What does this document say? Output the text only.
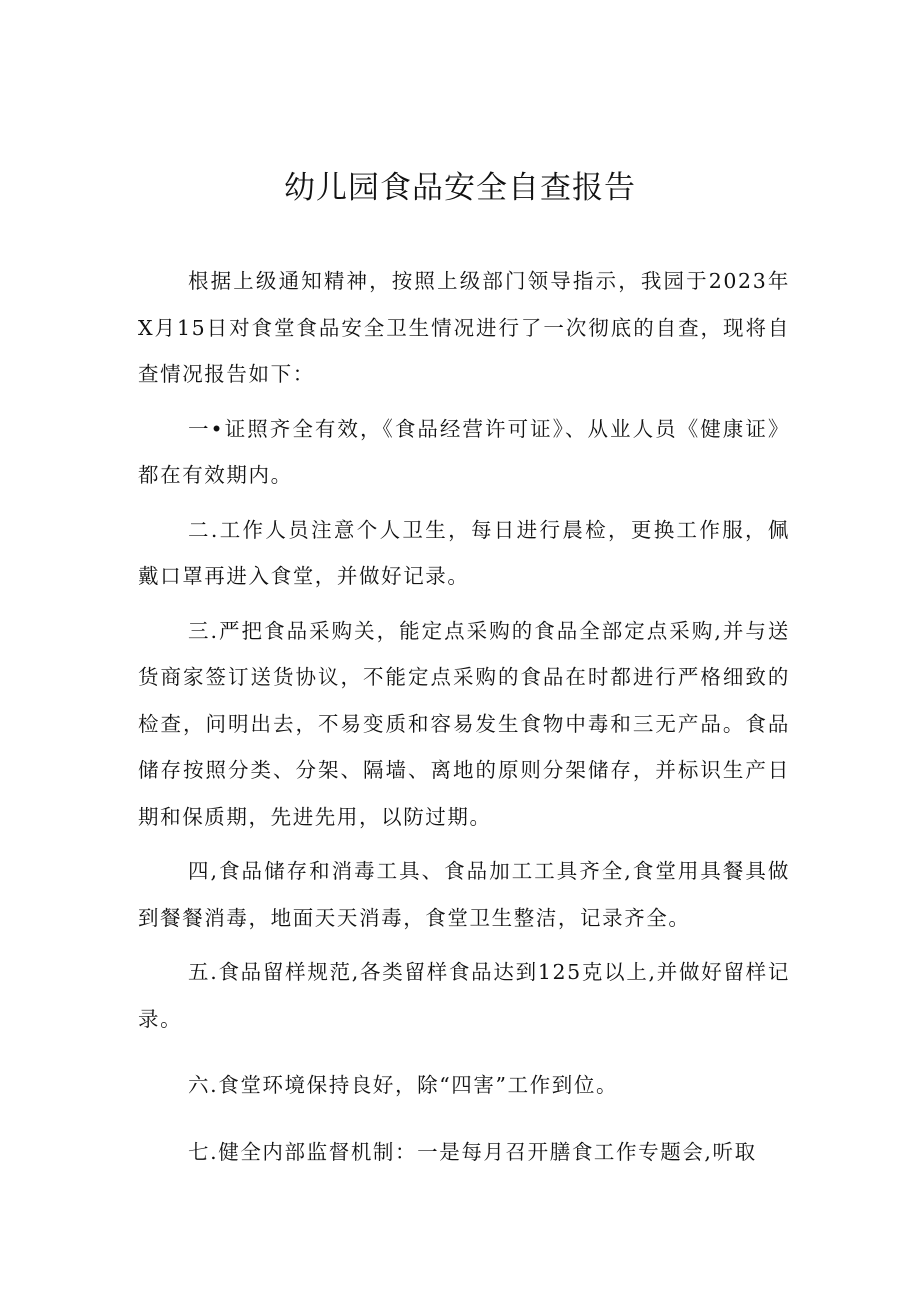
幼儿园食品安全自查报告

根据上级通知精神，按照上级部门领导指示，我园于2023年X月15日对食堂食品安全卫生情况进行了一次彻底的自查，现将自查情况报告如下：

一•证照齐全有效，《食品经营许可证》、从业人员《健康证》都在有效期内。

二.工作人员注意个人卫生，每日进行晨检，更换工作服，佩戴口罩再进入食堂，并做好记录。

三.严把食品采购关，能定点采购的食品全部定点采购,并与送货商家签订送货协议，不能定点采购的食品在时都进行严格细致的检查，问明出去，不易变质和容易发生食物中毒和三无产品。食品储存按照分类、分架、隔墙、离地的原则分架储存，并标识生产日期和保质期，先进先用，以防过期。

四,食品储存和消毒工具、食品加工工具齐全,食堂用具餐具做到餐餐消毒，地面天天消毒，食堂卫生整洁，记录齐全。

五.食品留样规范,各类留样食品达到125克以上,并做好留样记录。

六.食堂环境保持良好，除“四害”工作到位。

七.健全内部监督机制：一是每月召开膳食工作专题会,听取
